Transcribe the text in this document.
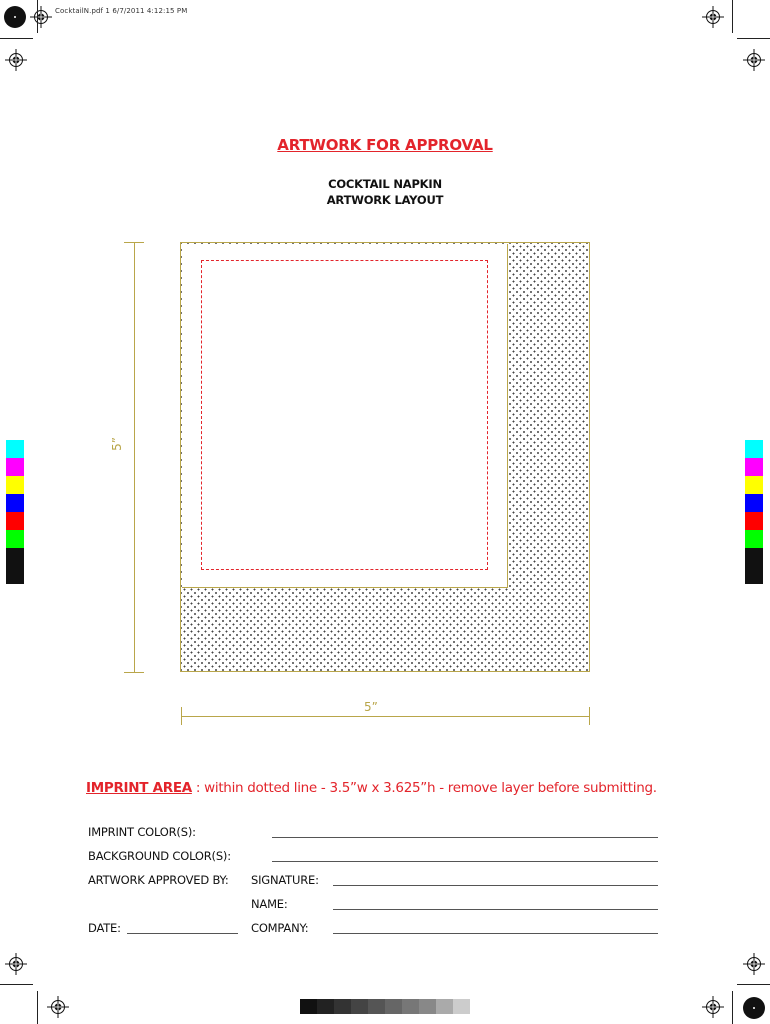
CocktailN.pdf 1 6/7/2011 4:12:15 PM
ARTWORK FOR APPROVAL
COCKTAIL NAPKIN
ARTWORK LAYOUT
5”
5”
IMPRINT AREA : within dotted line - 3.5”w x 3.625”h - remove layer before submitting.
IMPRINT COLOR(S):
BACKGROUND COLOR(S):
ARTWORK APPROVED BY: SIGNATURE:
NAME:
DATE:	COMPANY:
